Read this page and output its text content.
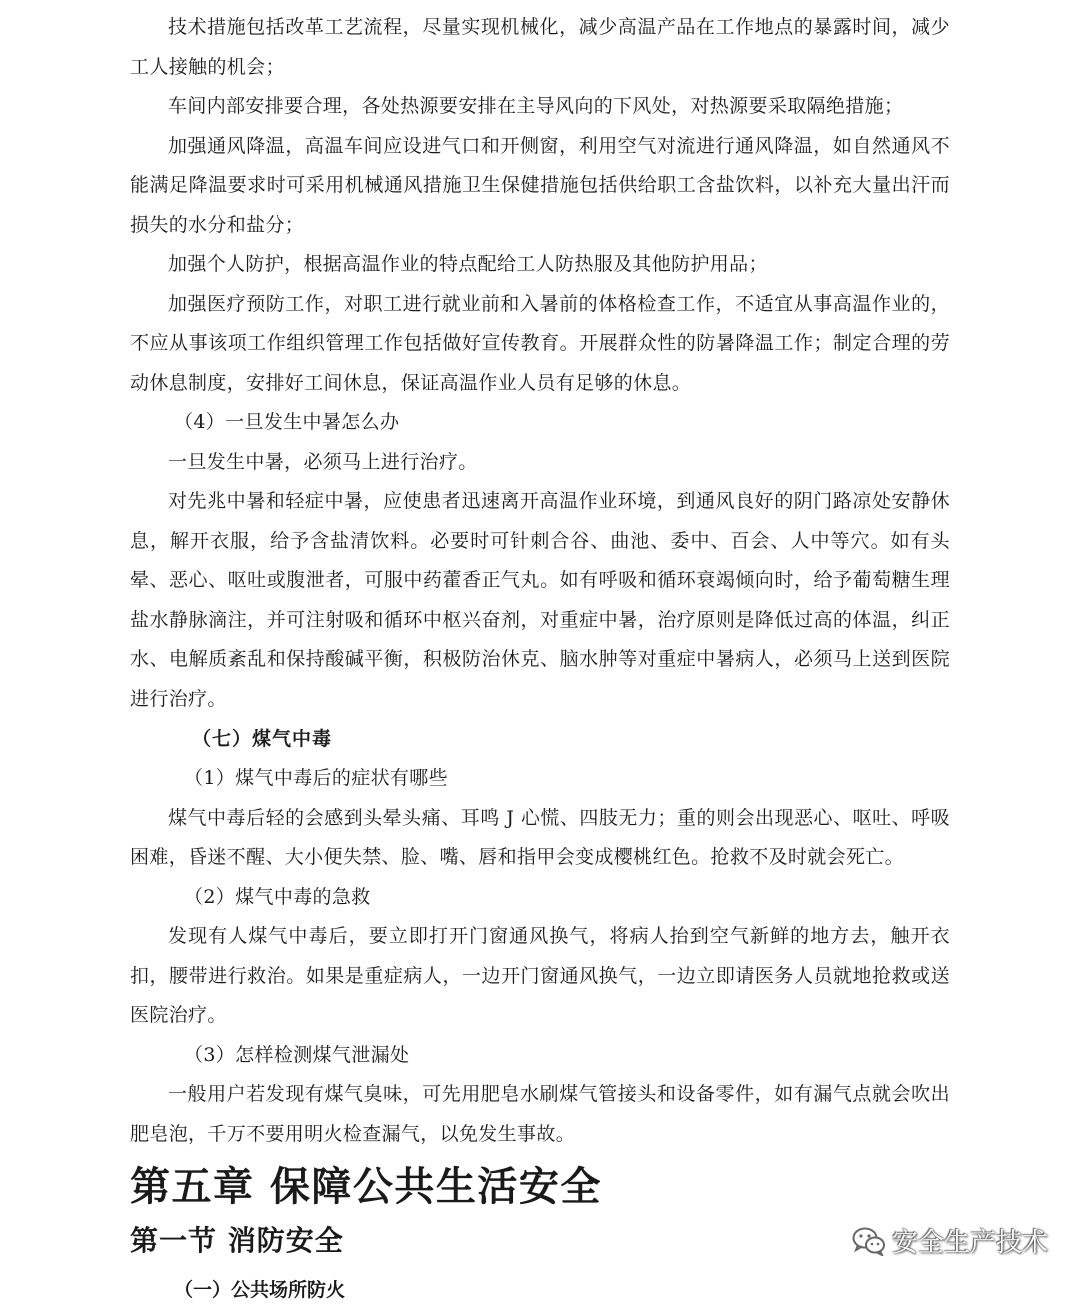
技术措施包括改革工艺流程，尽量实现机械化，减少高温产品在工作地点的暴露时间，减少工人接触的机会；

车间内部安排要合理，各处热源要安排在主导风向的下风处，对热源要采取隔绝措施；

加强通风降温，高温车间应设进气口和开侧窗，利用空气对流进行通风降温，如自然通风不能满足降温要求时可采用机械通风措施卫生保健措施包括供给职工含盐饮料，以补充大量出汗而损失的水分和盐分；

加强个人防护，根据高温作业的特点配给工人防热服及其他防护用品；

加强医疗预防工作，对职工进行就业前和入暑前的体格检查工作，不适宜从事高温作业的，不应从事该项工作组织管理工作包括做好宣传教育。开展群众性的防暑降温工作；制定合理的劳动休息制度，安排好工间休息，保证高温作业人员有足够的休息。

（4）一旦发生中暑怎么办

一旦发生中暑，必须马上进行治疗。

对先兆中暑和轻症中暑，应使患者迅速离开高温作业环境，到通风良好的阴门路凉处安静休息，解开衣服，给予含盐清饮料。必要时可针刺合谷、曲池、委中、百会、人中等穴。如有头晕、恶心、呕吐或腹泄者，可服中药藿香正气丸。如有呼吸和循环衰竭倾向时，给予葡萄糖生理盐水静脉滴注，并可注射吸和循环中枢兴奋剂，对重症中暑，治疗原则是降低过高的体温，纠正水、电解质紊乱和保持酸碱平衡，积极防治休克、脑水肿等对重症中暑病人，必须马上送到医院进行治疗。

（七）煤气中毒

（1）煤气中毒后的症状有哪些

煤气中毒后轻的会感到头晕头痛、耳鸣 J 心慌、四肢无力；重的则会出现恶心、呕吐、呼吸困难，昏迷不醒、大小便失禁、脸、嘴、唇和指甲会变成樱桃红色。抢救不及时就会死亡。

（2）煤气中毒的急救

发现有人煤气中毒后，要立即打开门窗通风换气，将病人抬到空气新鲜的地方去，触开衣扣，腰带进行救治。如果是重症病人，一边开门窗通风换气，一边立即请医务人员就地抢救或送医院治疗。

（3）怎样检测煤气泄漏处

一般用户若发现有煤气臭味，可先用肥皂水刷煤气管接头和设备零件，如有漏气点就会吹出肥皂泡，千万不要用明火检查漏气，以免发生事故。

第五章 保障公共生活安全
第一节 消防安全
（一）公共场所防火
安全生产技术
